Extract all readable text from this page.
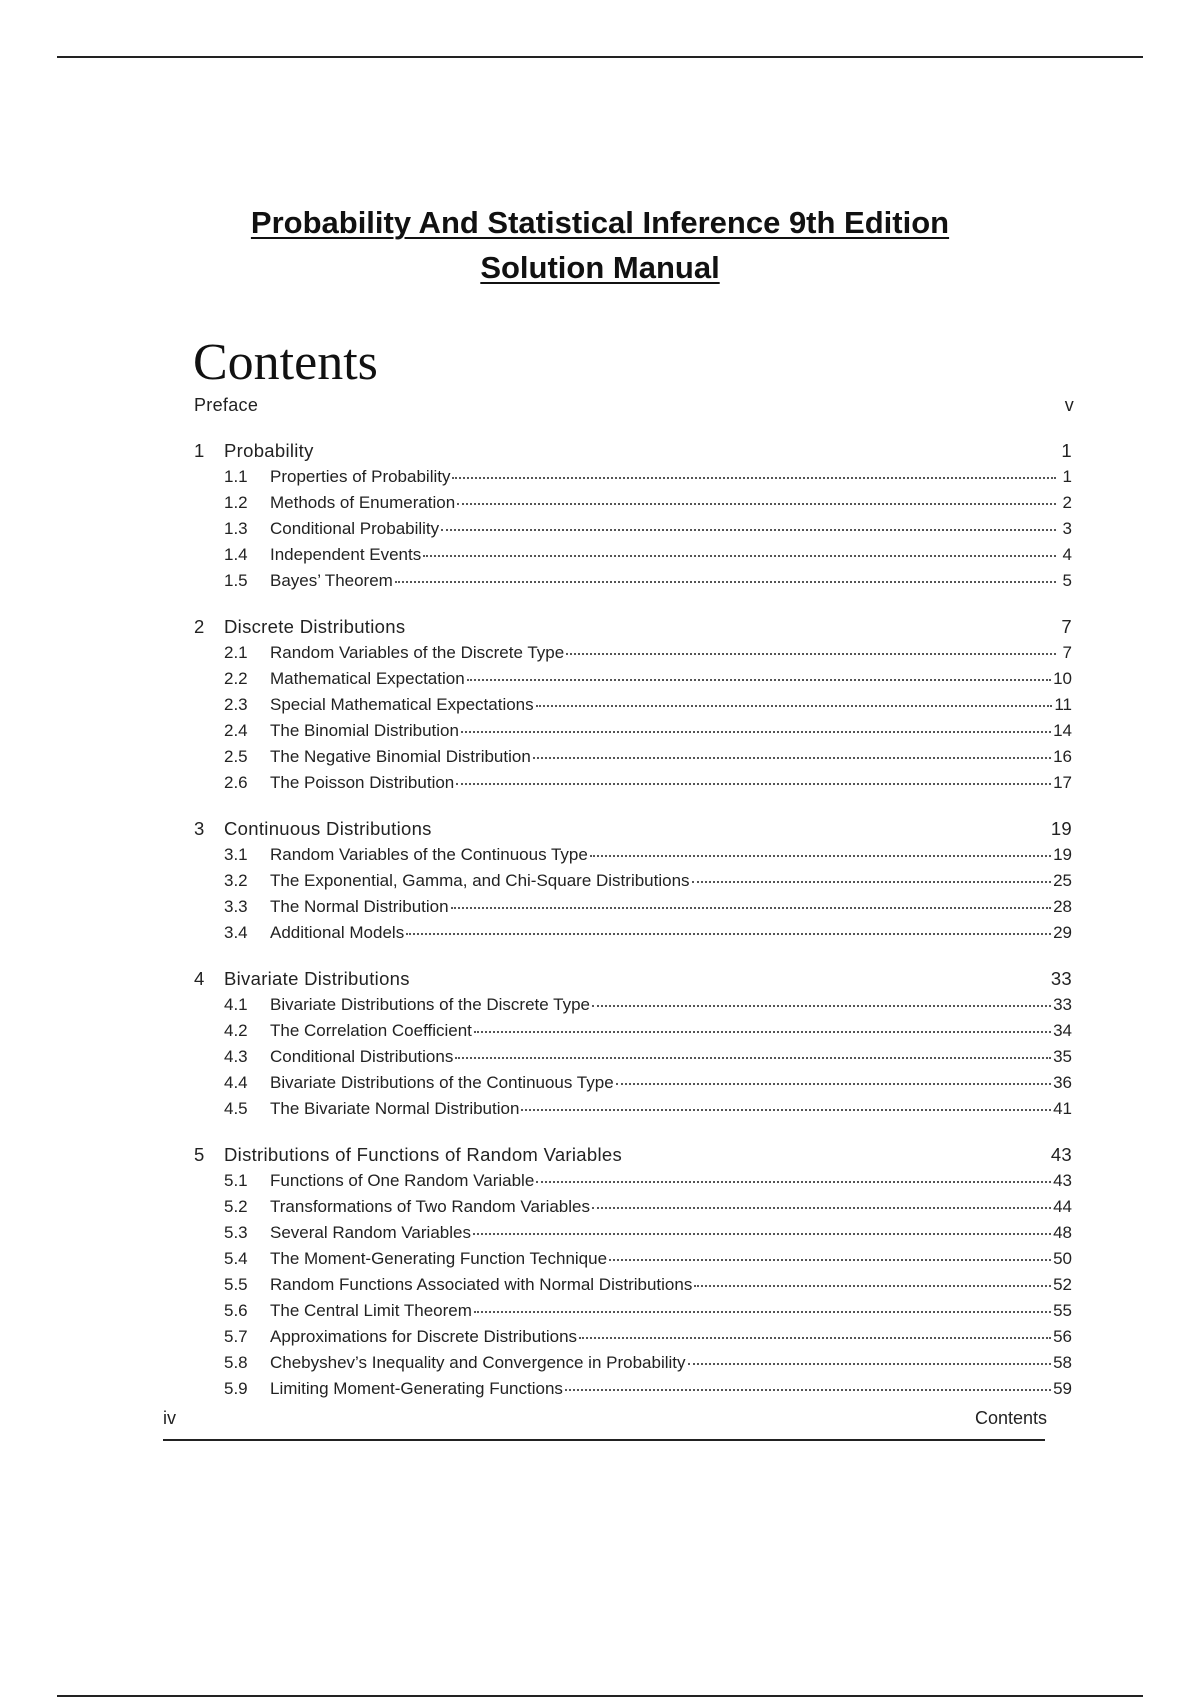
Probability And Statistical Inference 9th Edition

Solution Manual

Contents
Preface	v
1	Probability	1
1.1	Properties of Probability	1
1.2	Methods of Enumeration	2
1.3	Conditional Probability	3
1.4	Independent Events	4
1.5	Bayes’ Theorem	5
2	Discrete Distributions	7
2.1	Random Variables of the Discrete Type	7
2.2	Mathematical Expectation	10
2.3	Special Mathematical Expectations	11
2.4	The Binomial Distribution	14
2.5	The Negative Binomial Distribution	16
2.6	The Poisson Distribution	17
3	Continuous Distributions	19
3.1	Random Variables of the Continuous Type	19
3.2	The Exponential, Gamma, and Chi-Square Distributions	25
3.3	The Normal Distribution	28
3.4	Additional Models	29
4	Bivariate Distributions	33
4.1	Bivariate Distributions of the Discrete Type	33
4.2	The Correlation Coefficient	34
4.3	Conditional Distributions	35
4.4	Bivariate Distributions of the Continuous Type	36
4.5	The Bivariate Normal Distribution	41
5	Distributions of Functions of Random Variables	43
5.1	Functions of One Random Variable	43
5.2	Transformations of Two Random Variables	44
5.3	Several Random Variables	48
5.4	The Moment-Generating Function Technique	50
5.5	Random Functions Associated with Normal Distributions	52
5.6	The Central Limit Theorem	55
5.7	Approximations for Discrete Distributions	56
5.8	Chebyshev’s Inequality and Convergence in Probability	58
5.9	Limiting Moment-Generating Functions	59
iv	Contents
